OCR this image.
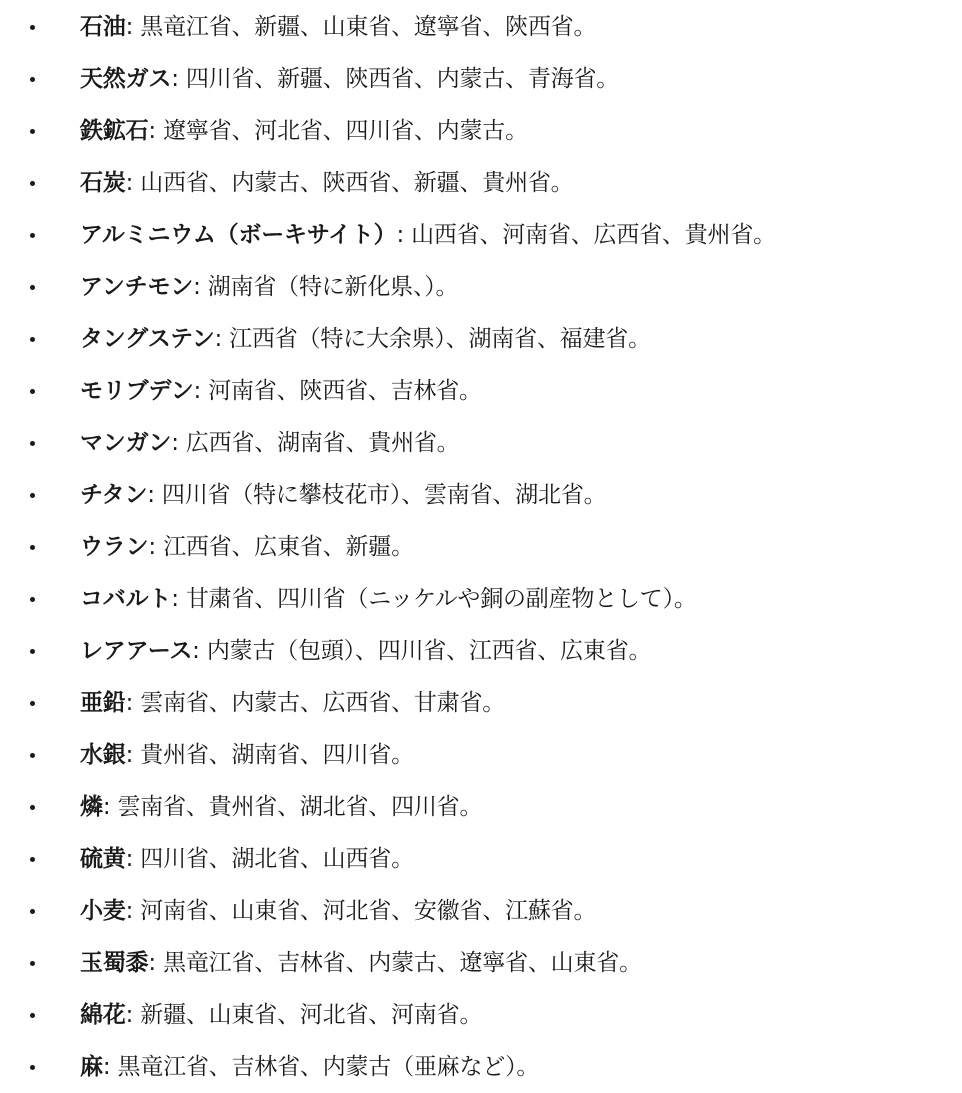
石油: 黒竜江省、新疆、山東省、遼寧省、陝西省。
天然ガス: 四川省、新疆、陝西省、内蒙古、青海省。
鉄鉱石: 遼寧省、河北省、四川省、内蒙古。
石炭: 山西省、内蒙古、陝西省、新疆、貴州省。
アルミニウム（ボーキサイト）: 山西省、河南省、広西省、貴州省。
アンチモン: 湖南省（特に新化県、）。
タングステン: 江西省（特に大余県）、湖南省、福建省。
モリブデン: 河南省、陝西省、吉林省。
マンガン: 広西省、湖南省、貴州省。
チタン: 四川省（特に攀枝花市）、雲南省、湖北省。
ウラン: 江西省、広東省、新疆。
コバルト: 甘粛省、四川省（ニッケルや銅の副産物として）。
レアアース: 内蒙古（包頭）、四川省、江西省、広東省。
亜鉛: 雲南省、内蒙古、広西省、甘粛省。
水銀: 貴州省、湖南省、四川省。
燐: 雲南省、貴州省、湖北省、四川省。
硫黄: 四川省、湖北省、山西省。
小麦: 河南省、山東省、河北省、安徽省、江蘇省。
玉蜀黍: 黒竜江省、吉林省、内蒙古、遼寧省、山東省。
綿花: 新疆、山東省、河北省、河南省。
麻: 黒竜江省、吉林省、内蒙古（亜麻など）。
